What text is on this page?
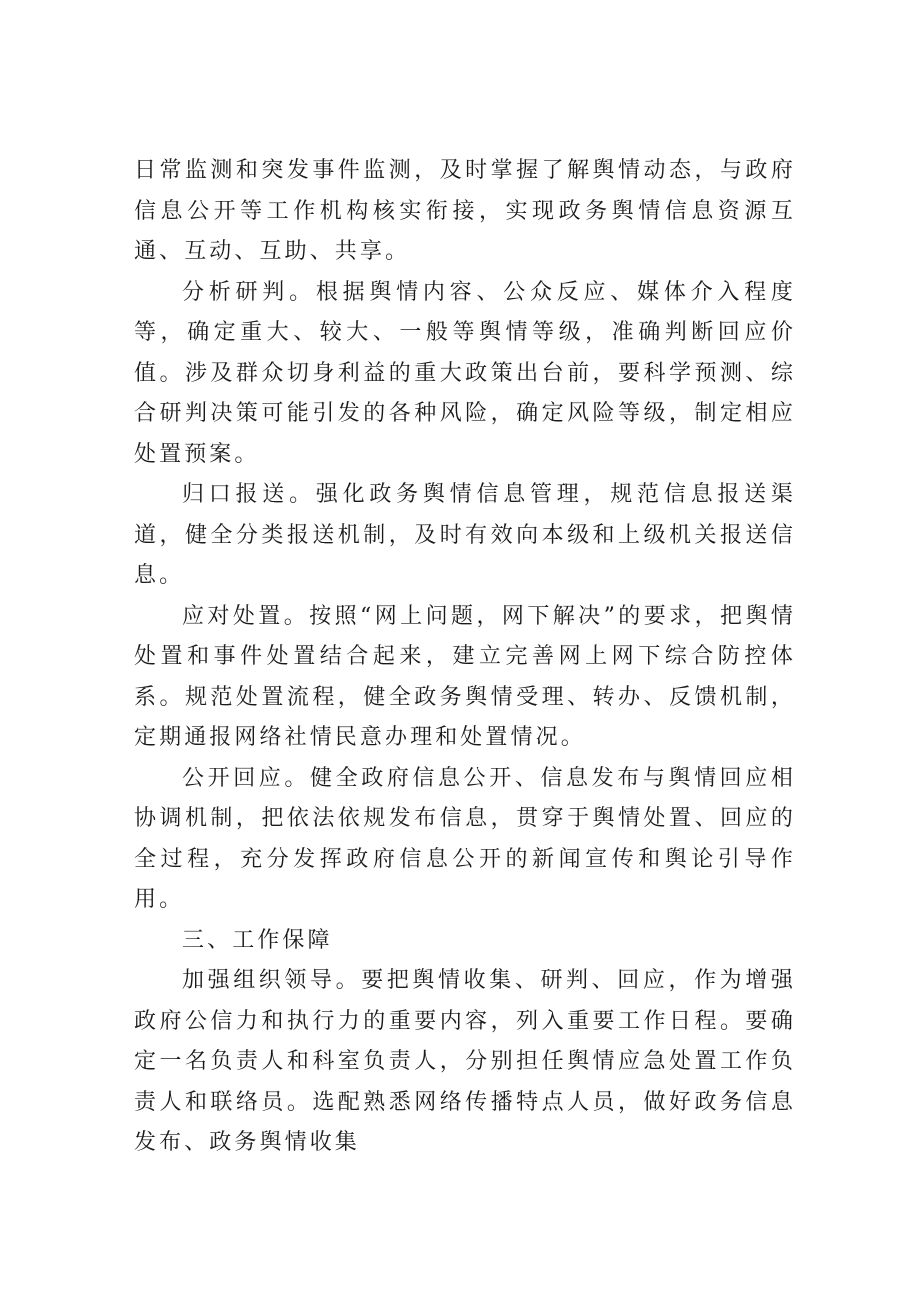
日常监测和突发事件监测，及时掌握了解舆情动态，与政府信息公开等工作机构核实衔接，实现政务舆情信息资源互通、互动、互助、共享。

分析研判。根据舆情内容、公众反应、媒体介入程度等，确定重大、较大、一般等舆情等级，准确判断回应价值。涉及群众切身利益的重大政策出台前，要科学预测、综合研判决策可能引发的各种风险，确定风险等级，制定相应处置预案。

归口报送。强化政务舆情信息管理，规范信息报送渠道，健全分类报送机制，及时有效向本级和上级机关报送信息。

应对处置。按照“网上问题，网下解决”的要求，把舆情处置和事件处置结合起来，建立完善网上网下综合防控体系。规范处置流程，健全政务舆情受理、转办、反馈机制，定期通报网络社情民意办理和处置情况。

公开回应。健全政府信息公开、信息发布与舆情回应相协调机制，把依法依规发布信息，贯穿于舆情处置、回应的全过程，充分发挥政府信息公开的新闻宣传和舆论引导作用。

三、工作保障

加强组织领导。要把舆情收集、研判、回应，作为增强政府公信力和执行力的重要内容，列入重要工作日程。要确定一名负责人和科室负责人，分别担任舆情应急处置工作负责人和联络员。选配熟悉网络传播特点人员，做好政务信息发布、政务舆情收集
